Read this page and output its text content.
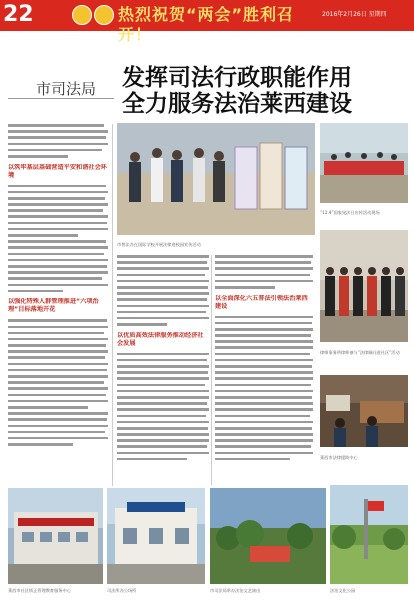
22	热烈祝贺“两会”胜利召开！
2016年2月26日 星期四
市司法局	发挥司法行政职能作用
全力服务法治莱西建设
以筑牢基层基础营造平安和谐社会环境
以强化特殊人群管理推进“六项治理”目标落地开花
市普法办在国际学校开展法律进校园宣传活动
“12.4”国家宪法日宣传活动现场
以优质高效法律服务推动经济社会发展
以全面深化六五普法引领法治莱西建设
律师事务所律师参与“法律顾问进社区”活动
莱西市法律援助中心
市司法局举办法治文艺演出	法治文化公园
莱西市社区矫正管理教育服务中心	司法所办公场所
